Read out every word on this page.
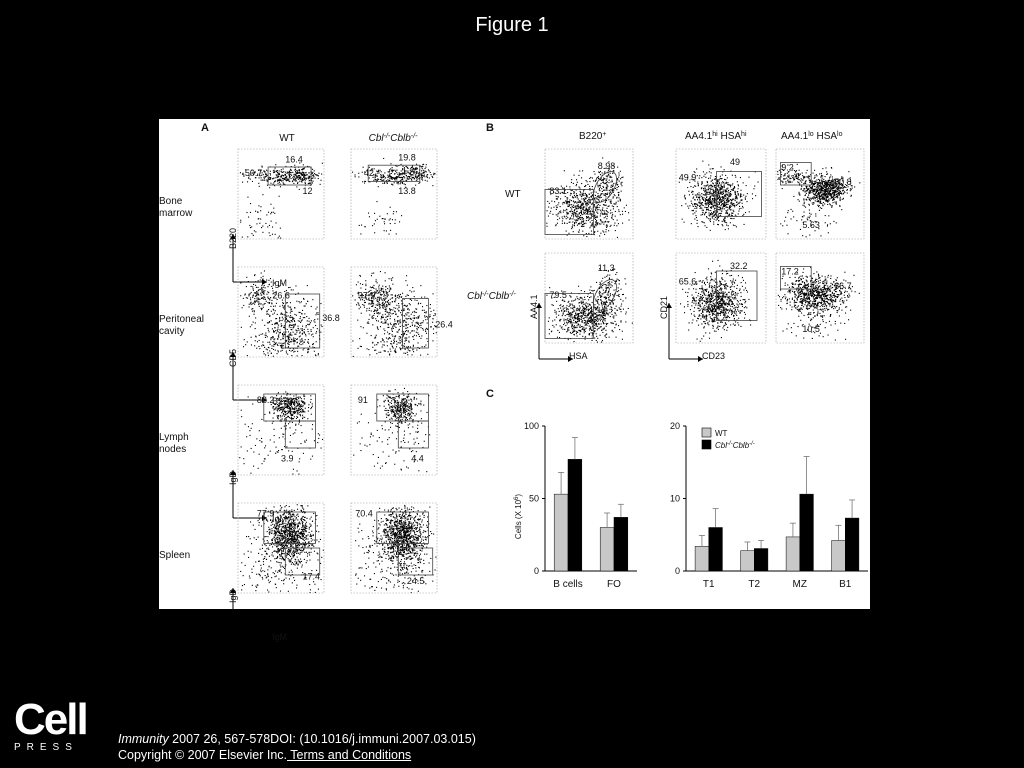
Figure 1
A
WT	Cbl-/-Cblb-/-
Bone
marrow
50.7
16.4
12
42
19.8
13.8
B220
IgM
Peritoneal
cavity
26.6
36.8
37.9
26.4
CD5
B220
Lymph
nodes
88.2
3.9
91
4.4
IgD
IgM
Spleen
77.9
17.4
70.4
24.5
IgD
IgM
B
B220+	$AA4.1^{hi}$ $HSA^{hi}$	$AA4.1^{lo}$ $HSA^{lo}$
WT
Cbl-/-Cblb-/-
83.1
8.98
49.9
49
9.2
80.8
5.63
79.5
11.3
65.6
32.2
17.2
66.7
10.5
AA4.1
HSA
CD21
CD23
C
0
50
100
B cells FO
Cells (X $10^6$)
0
10
20
T1	T2	MZ	B1
WT
Cbl-/-Cblb-/-
Cell
PRESS
Immunity 2007 26, 567-578DOI: (10.1016/j.immuni.2007.03.015)
Copyright © 2007 Elsevier Inc. Terms and Conditions
